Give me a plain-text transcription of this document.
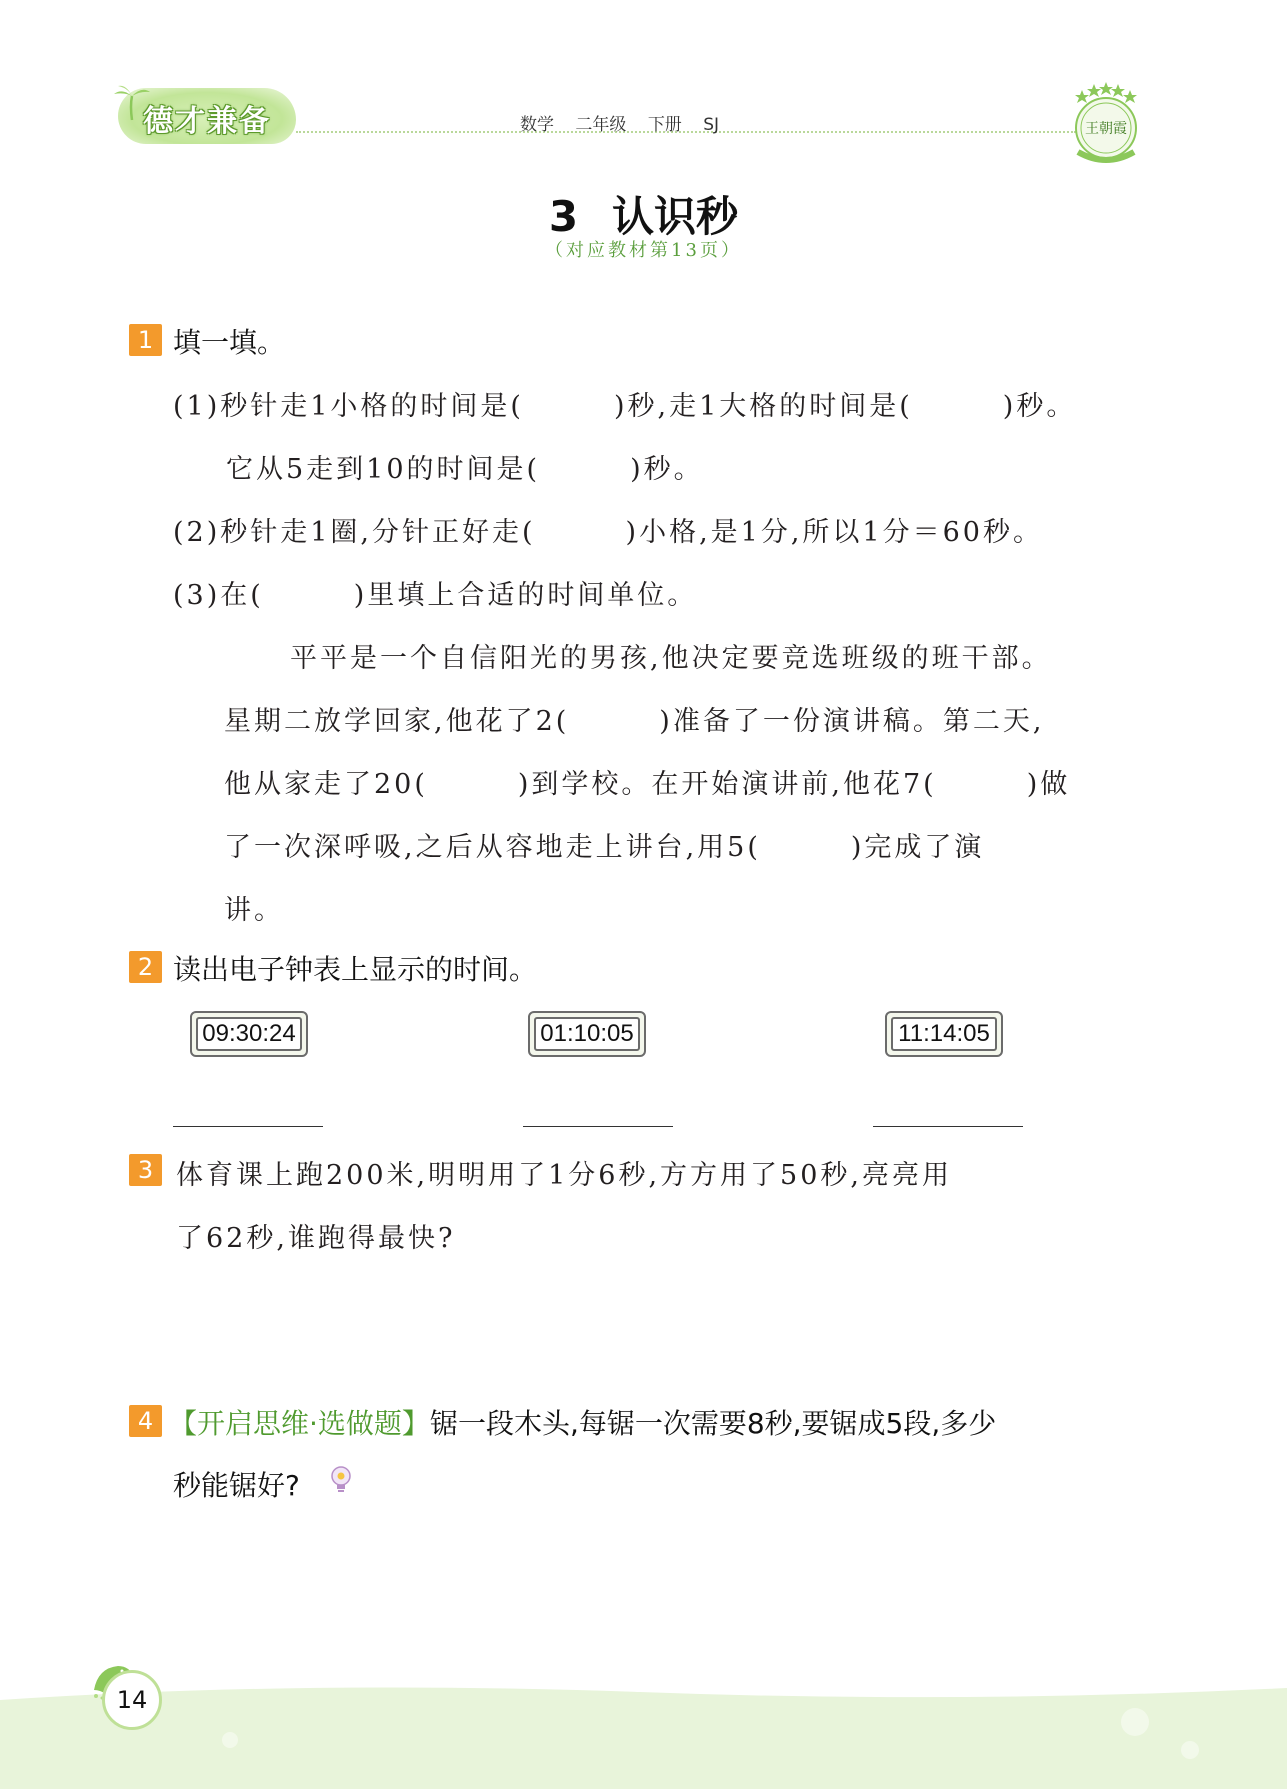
德才兼备	数学 二年级 下册 SJ	王朝霞
3 认识秒
（对应教材第13页）
1 填一填。
(1)秒针走1小格的时间是(　　　)秒,走1大格的时间是(　　　)秒。
它从5走到10的时间是(　　　)秒。
(2)秒针走1圈,分针正好走(　　　)小格,是1分,所以1分＝60秒。
(3)在(　　　)里填上合适的时间单位。
平平是一个自信阳光的男孩,他决定要竞选班级的班干部。
星期二放学回家,他花了2(　　　)准备了一份演讲稿。第二天,
他从家走了20(　　　)到学校。在开始演讲前,他花7(　　　)做
了一次深呼吸,之后从容地走上讲台,用5(　　　)完成了演
讲。
2 读出电子钟表上显示的时间。
09:30:24	01:10:05	11:14:05
3 体育课上跑200米,明明用了1分6秒,方方用了50秒,亮亮用
了62秒,谁跑得最快?
4 【开启思维·选做题】锯一段木头,每锯一次需要8秒,要锯成5段,多少
秒能锯好?
14
